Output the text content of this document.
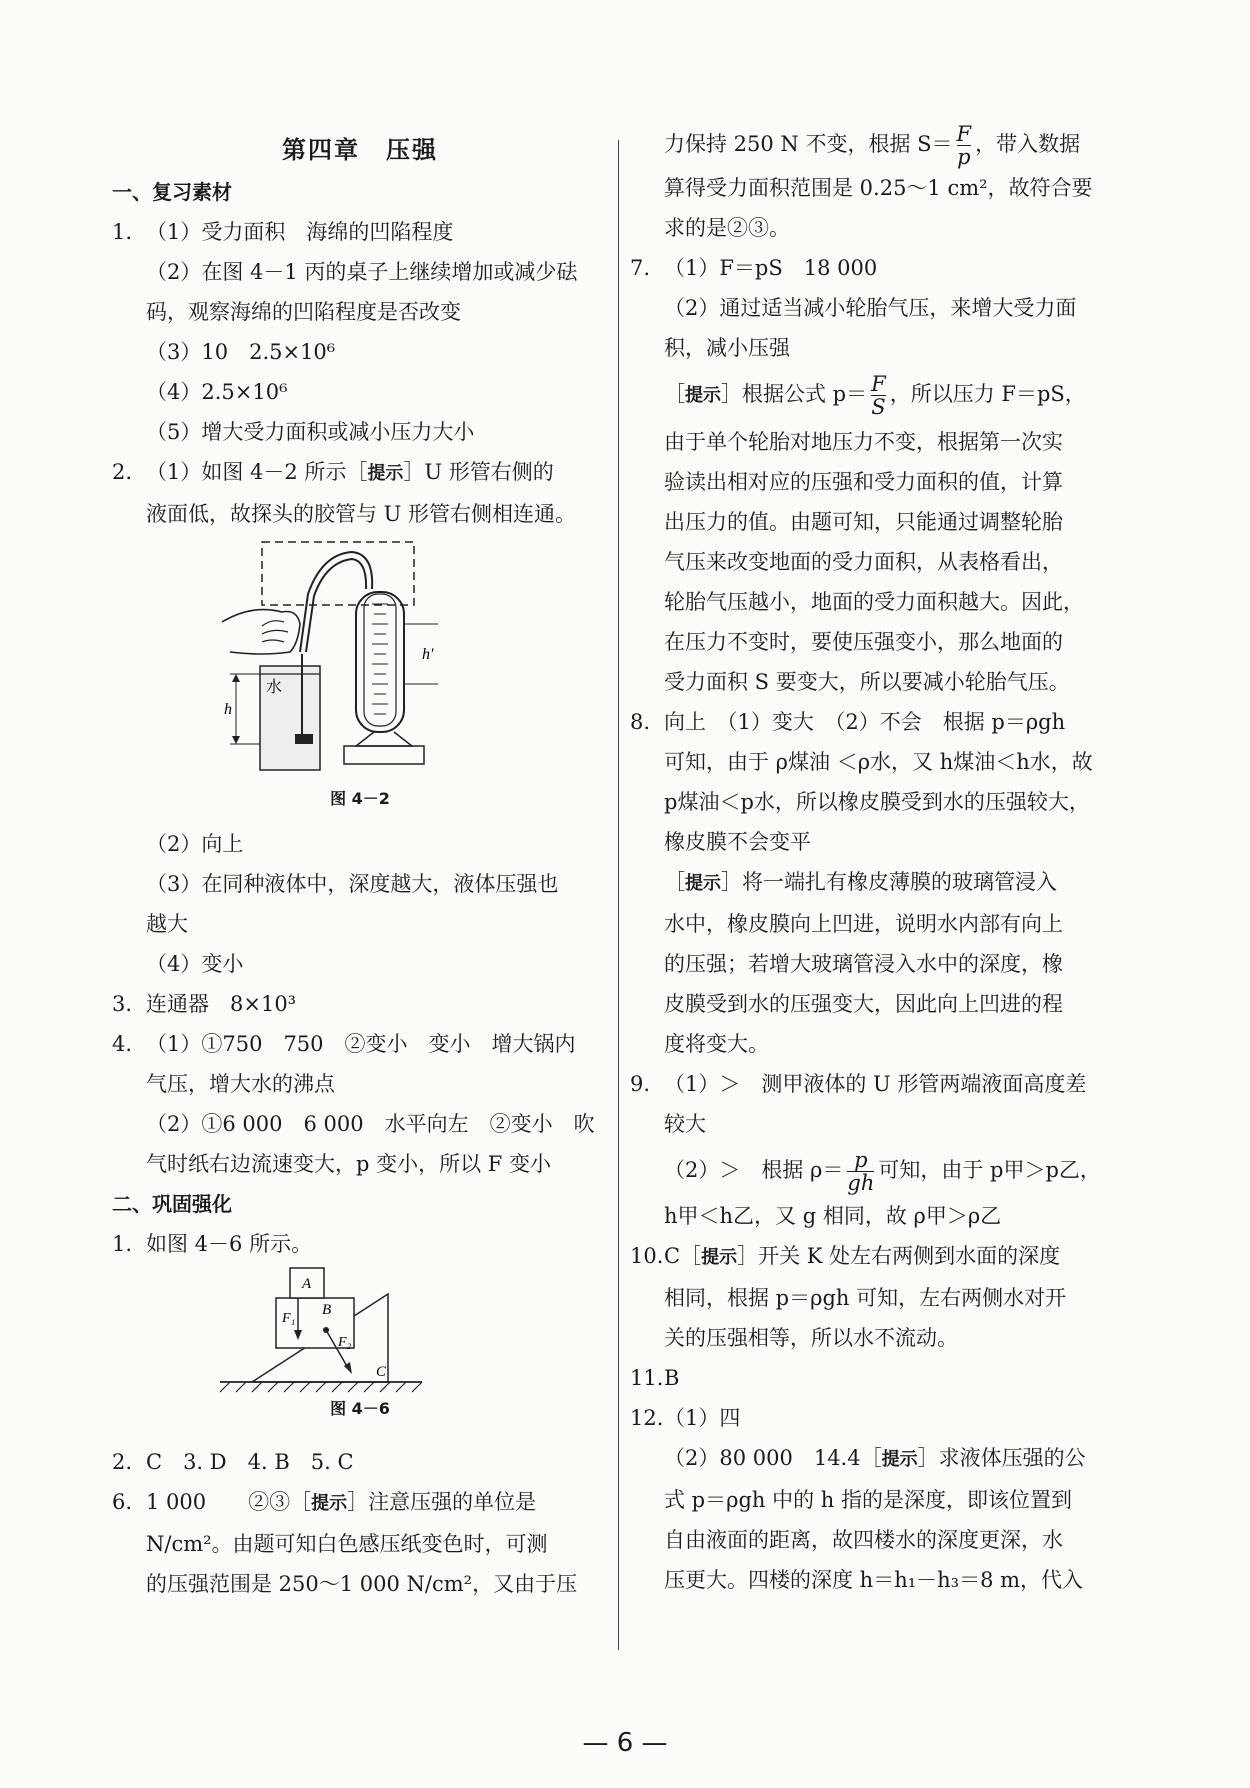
第四章　压强
一、复习素材
1. （1）受力面积　海绵的凹陷程度
（2）在图 4－1 丙的桌子上继续增加或减少砝
码，观察海绵的凹陷程度是否改变
（3）10　2.5×10⁶
（4）2.5×10⁶
（5）增大受力面积或减小压力大小
2. （1）如图 4－2 所示［提示］U 形管右侧的
液面低，故探头的胶管与 U 形管右侧相连通。
h
水
h′
图 4－2
（2）向上
（3）在同种液体中，深度越大，液体压强也
越大
（4）变小
3. 连通器　8×10³
4. （1）①750　750　②变小　变小　增大锅内
气压，增大水的沸点
（2）①6 000　6 000　水平向左　②变小　吹
气时纸右边流速变大，p 变小，所以 F 变小
二、巩固强化
1. 如图 4－6 所示。
A
B
C
F₁
F₂
图 4－6
2. C　3. D　4. B　5. C
6. 1 000　　②③［提示］注意压强的单位是
N/cm²。由题可知白色感压纸变色时，可测
的压强范围是 250～1 000 N/cm²，又由于压
力保持 250 N 不变，根据 $S= \frac{F}{p}$ ，带入数据
算得受力面积范围是 0.25～1 cm²，故符合要
求的是②③。
7. （1）F＝pS　18 000
（2）通过适当减小轮胎气压，来增大受力面
积，减小压强
［提示］根据公式 $p= \frac{F}{S}$ ，所以压力 F＝pS，
由于单个轮胎对地压力不变，根据第一次实
验读出相对应的压强和受力面积的值，计算
出压力的值。由题可知，只能通过调整轮胎
气压来改变地面的受力面积，从表格看出，
轮胎气压越小，地面的受力面积越大。因此，
在压力不变时，要使压强变小，那么地面的
受力面积 S 要变大，所以要减小轮胎气压。
8. 向上　（1）变大　（2）不会　根据 p＝ρgh
可知，由于 ρ煤油 ＜ρ水，又 h煤油＜h水，故
p煤油＜p水，所以橡皮膜受到水的压强较大，
橡皮膜不会变平
［提示］将一端扎有橡皮薄膜的玻璃管浸入
水中，橡皮膜向上凹进，说明水内部有向上
的压强；若增大玻璃管浸入水中的深度，橡
皮膜受到水的压强变大，因此向上凹进的程
度将变大。
9. （1）＞　测甲液体的 U 形管两端液面高度差
较大
（2）＞　根据 $\rho= \frac{p}{gh}$ 可知，由于 p甲＞p乙，
h甲＜h乙，又 g 相同，故 ρ甲＞ρ乙
10. C［提示］开关 K 处左右两侧到水面的深度
相同，根据 p＝ρgh 可知，左右两侧水对开
关的压强相等，所以水不流动。
11. B
12. （1）四
（2）80 000　14.4［提示］求液体压强的公
式 p＝ρgh 中的 h 指的是深度，即该位置到
自由液面的距离，故四楼水的深度更深，水
压更大。四楼的深度 h＝h₁－h₃＝8 m，代入
— 6 —
